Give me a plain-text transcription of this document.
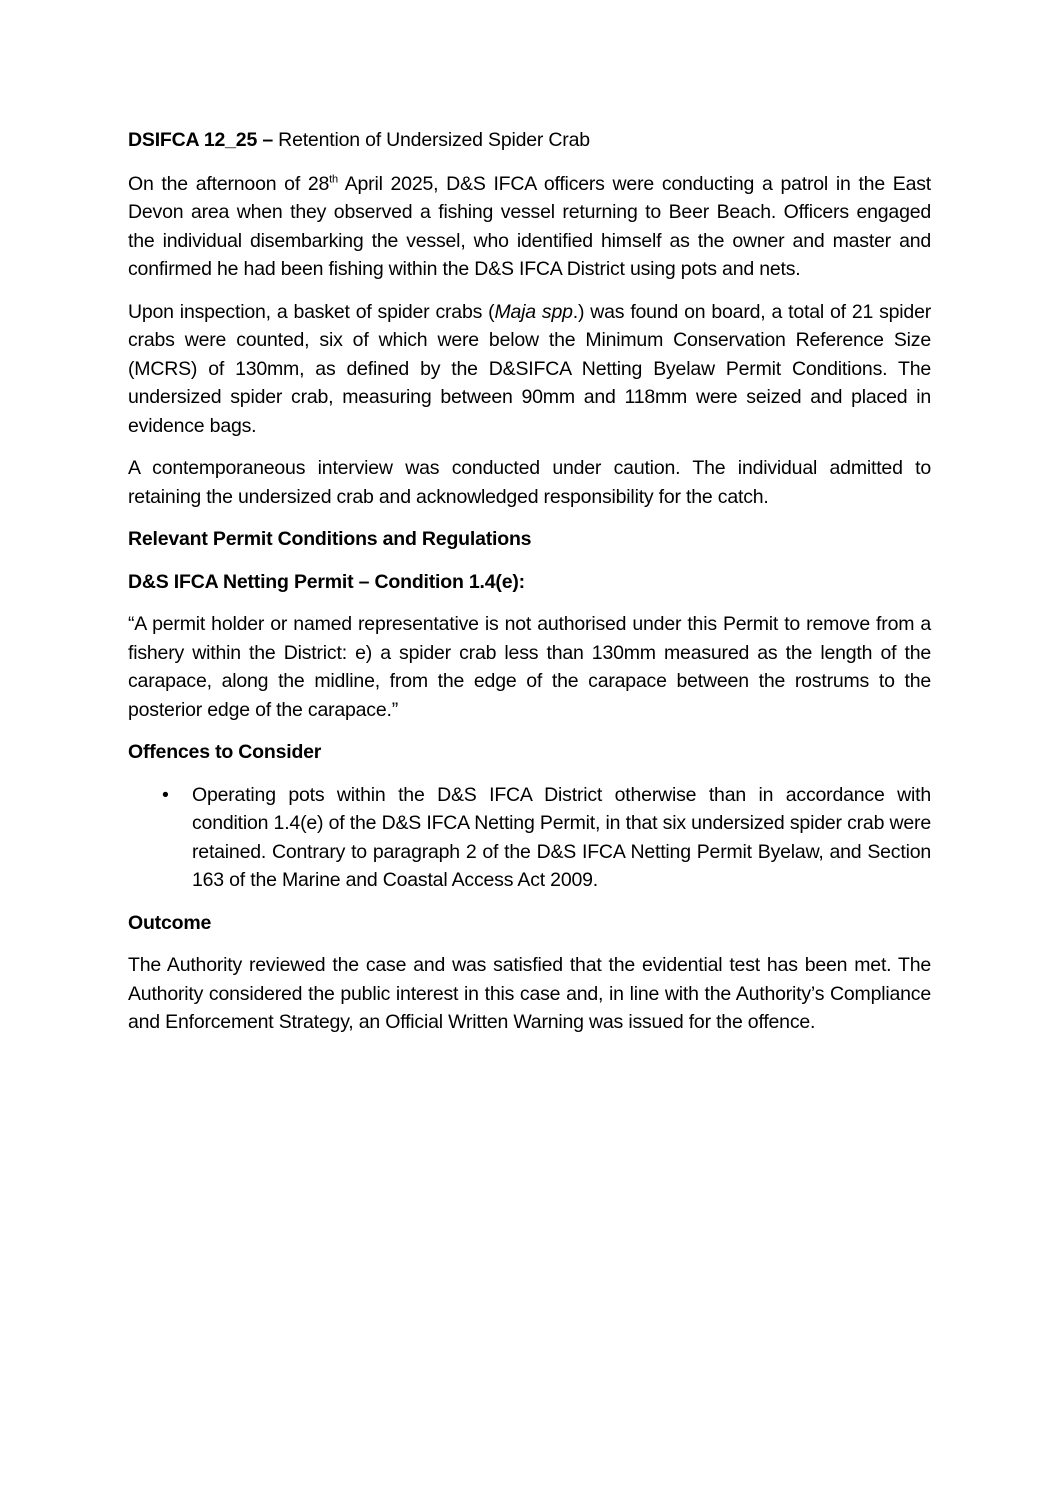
DSIFCA 12_25 – Retention of Undersized Spider Crab

On the afternoon of 28th April 2025, D&S IFCA officers were conducting a patrol in the East Devon area when they observed a fishing vessel returning to Beer Beach. Officers engaged the individual disembarking the vessel, who identified himself as the owner and master and confirmed he had been fishing within the D&S IFCA District using pots and nets.

Upon inspection, a basket of spider crabs (Maja spp.) was found on board, a total of 21 spider crabs were counted, six of which were below the Minimum Conservation Reference Size (MCRS) of 130mm, as defined by the D&SIFCA Netting Byelaw Permit Conditions. The undersized spider crab, measuring between 90mm and 118mm were seized and placed in evidence bags.

A contemporaneous interview was conducted under caution. The individual admitted to retaining the undersized crab and acknowledged responsibility for the catch.

Relevant Permit Conditions and Regulations
D&S IFCA Netting Permit – Condition 1.4(e):

“A permit holder or named representative is not authorised under this Permit to remove from a fishery within the District: e) a spider crab less than 130mm measured as the length of the carapace, along the midline, from the edge of the carapace between the rostrums to the posterior edge of the carapace.”

Offences to Consider
• Operating pots within the D&S IFCA District otherwise than in accordance with condition 1.4(e) of the D&S IFCA Netting Permit, in that six undersized spider crab were retained. Contrary to paragraph 2 of the D&S IFCA Netting Permit Byelaw, and Section 163 of the Marine and Coastal Access Act 2009.
Outcome

The Authority reviewed the case and was satisfied that the evidential test has been met. The Authority considered the public interest in this case and, in line with the Authority’s Compliance and Enforcement Strategy, an Official Written Warning was issued for the offence.
